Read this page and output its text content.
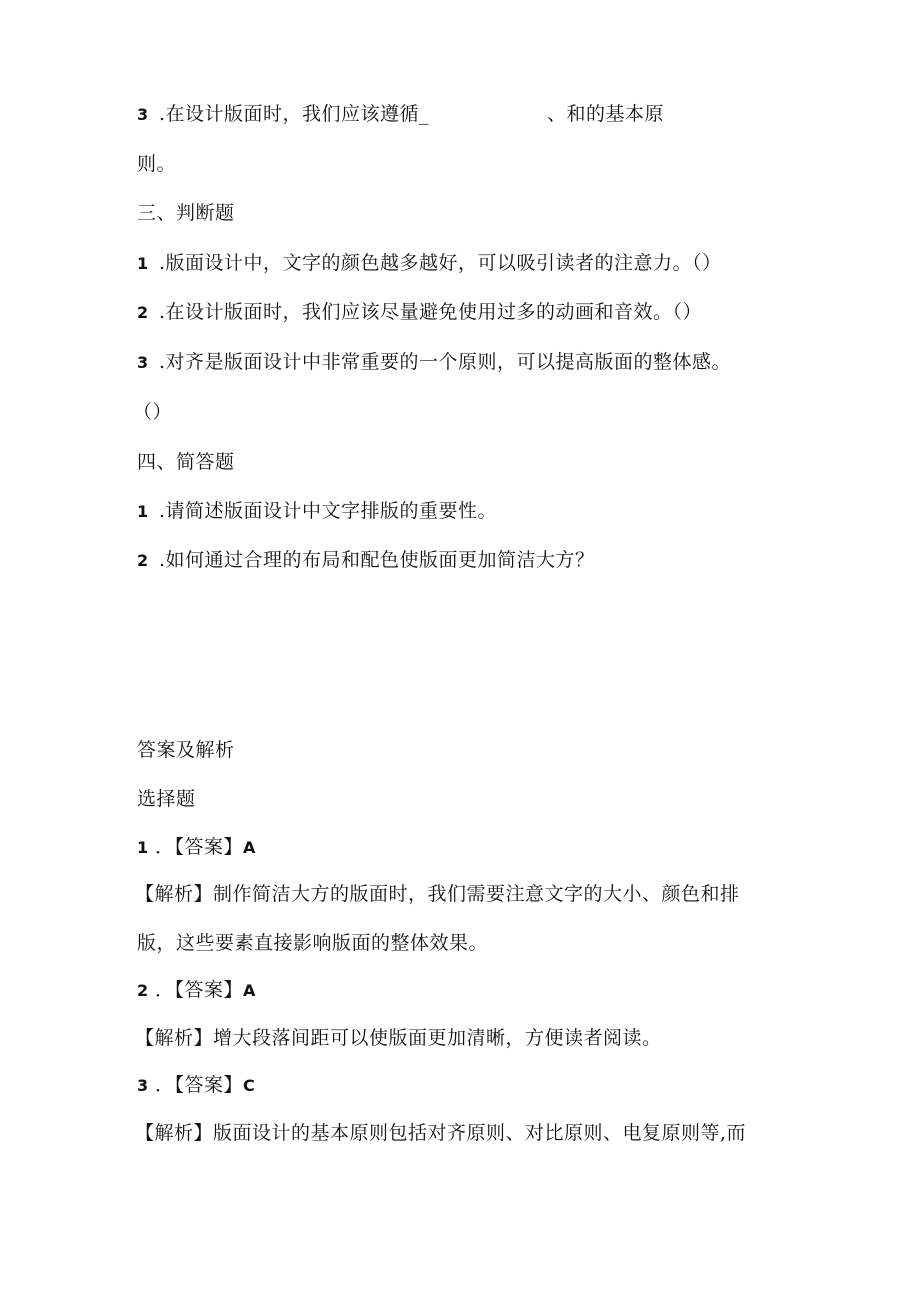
3 .在设计版面时，我们应该遵循_	、和的基本原
则。
三、判断题
1 .版面设计中，文字的颜色越多越好，可以吸引读者的注意力。（）
2 .在设计版面时，我们应该尽量避免使用过多的动画和音效。（）
3 .对齐是版面设计中非常重要的一个原则，可以提高版面的整体感。
（）
四、简答题
1 .请简述版面设计中文字排版的重要性。
2 .如何通过合理的布局和配色使版面更加简洁大方？
答案及解析
选择题
1 ．【答案】A
【解析】制作简洁大方的版面时，我们需要注意文字的大小、颜色和排
版，这些要素直接影响版面的整体效果。
2 ．【答案】A
【解析】增大段落间距可以使版面更加清晰，方便读者阅读。
3 ．【答案】C
【解析】版面设计的基本原则包括对齐原则、对比原则、电复原则等,而
